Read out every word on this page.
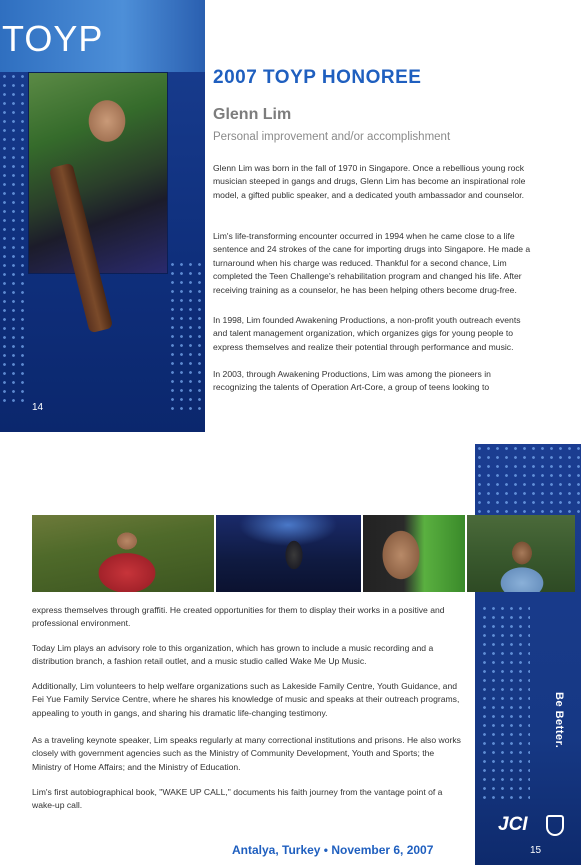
TOYP
14
2007 TOYP HONOREE
Glenn Lim
Personal improvement and/or accomplishment

Glenn Lim was born in the fall of 1970 in Singapore. Once a rebellious young rock musician steeped in gangs and drugs, Glenn Lim has become an inspirational role model, a gifted public speaker, and a dedicated youth ambassador and counselor.

Lim's life-transforming encounter occurred in 1994 when he came close to a life sentence and 24 strokes of the cane for importing drugs into Singapore. He made a turnaround when his charge was reduced. Thankful for a second chance, Lim completed the Teen Challenge's rehabilitation program and changed his life. After receiving training as a counselor, he has been helping others become drug-free.

In 1998, Lim founded Awakening Productions, a non-profit youth outreach events and talent management organization, which organizes gigs for young people to express themselves and realize their potential through performance and music.

In 2003, through Awakening Productions, Lim was among the pioneers in recognizing the talents of Operation Art-Core, a group of teens looking to

express themselves through graffiti. He created opportunities for them to display their works in a positive and professional environment.

Today Lim plays an advisory role to this organization, which has grown to include a music recording and a distribution branch, a fashion retail outlet, and a music studio called Wake Me Up Music.

Additionally, Lim volunteers to help welfare organizations such as Lakeside Family Centre, Youth Guidance, and Fei Yue Family Service Centre, where he shares his knowledge of music and speaks at their outreach programs, appealing to youth in gangs, and sharing his dramatic life-changing testimony.

As a traveling keynote speaker, Lim speaks regularly at many correctional institutions and prisons. He also works closely with government agencies such as the Ministry of Community Development, Youth and Sports; the Ministry of Home Affairs; and the Ministry of Education.

Lim's first autobiographical book, "WAKE UP CALL," documents his faith journey from the vantage point of a wake-up call.

Be Better.
JCI
Antalya, Turkey • November 6, 2007	15
